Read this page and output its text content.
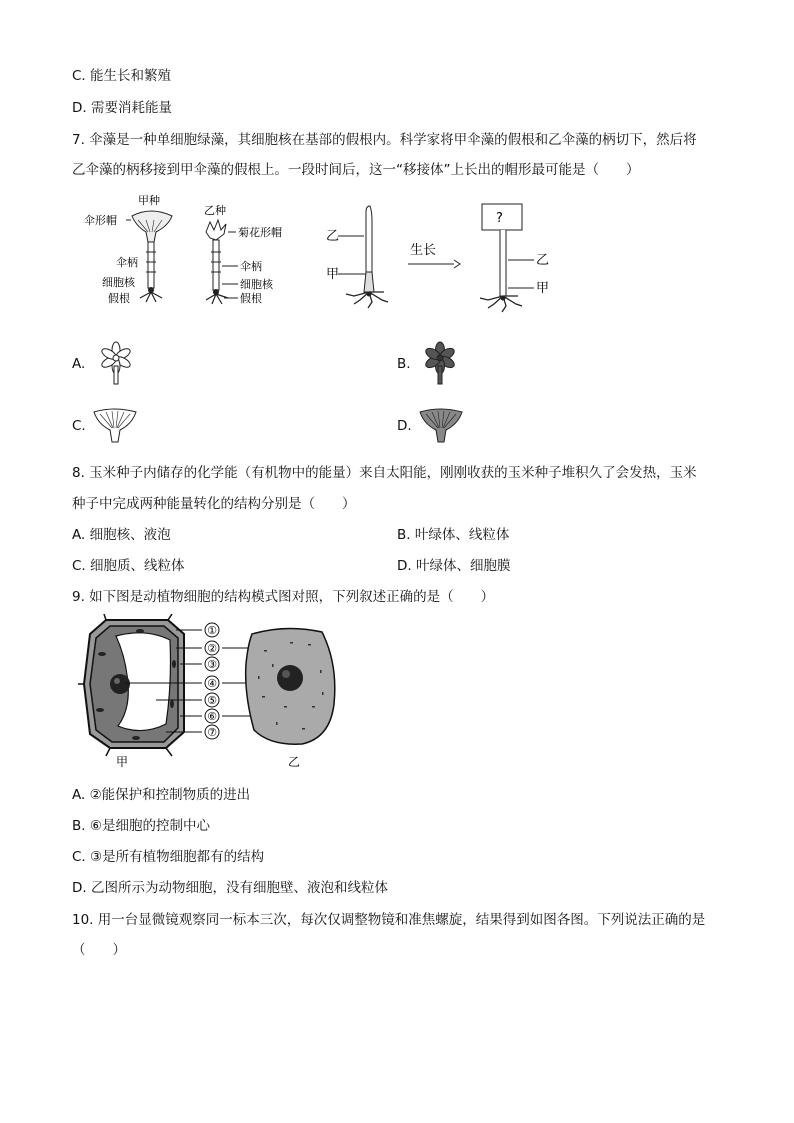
C. 能生长和繁殖
D. 需要消耗能量
7. 伞藻是一种单细胞绿藻，其细胞核在基部的假根内。科学家将甲伞藻的假根和乙伞藻的柄切下，然后将
乙伞藻的柄移接到甲伞藻的假根上。一段时间后，这一“移接体”上长出的帽形最可能是（　　）
甲种
伞形帽
伞柄
细胞核
假根
乙种
菊花形帽
伞柄
细胞核
假根
乙
甲
生长
?
乙
甲
A.	B.
C.	D.
8. 玉米种子内储存的化学能（有机物中的能量）来自太阳能，刚刚收获的玉米种子堆积久了会发热，玉米
种子中完成两种能量转化的结构分别是（　　）
A. 细胞核、液泡	B. 叶绿体、线粒体
C. 细胞质、线粒体	D. 叶绿体、细胞膜
9. 如下图是动植物细胞的结构模式图对照，下列叙述正确的是（　　）
①
②
③
④
⑤
⑥
⑦
甲	乙
A. ②能保护和控制物质的进出
B. ⑥是细胞的控制中心
C. ③是所有植物细胞都有的结构
D. 乙图所示为动物细胞，没有细胞壁、液泡和线粒体
10. 用一台显微镜观察同一标本三次，每次仅调整物镜和准焦螺旋，结果得到如图各图。下列说法正确的是
（　　）
